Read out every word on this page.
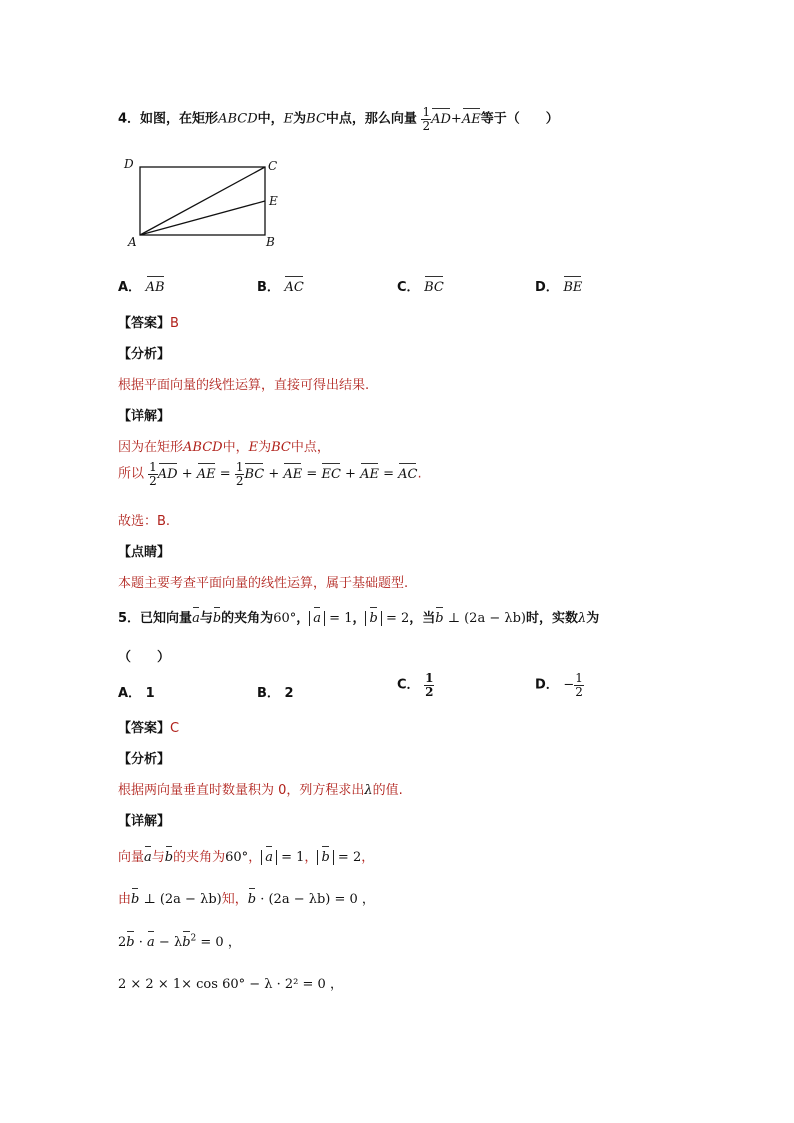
4．如图，在矩形ABCD中，E为BC中点，那么向量 $\frac{1}{2} AD+AE$等于（　　）
D	C
E
A	B
A． AB	B． AC	C． BC	D． BE
【答案】B
【分析】
根据平面向量的线性运算，直接可得出结果.
【详解】
因为在矩形ABCD中，E为BC中点，
所以 $\frac{1}{2}$ AD + AE = $\frac{1}{2}$ BC + AE = EC + AE = AC.
故选：B.
【点睛】
本题主要考查平面向量的线性运算，属于基础题型.
5．已知向量a与b的夹角为60°， a = 1， b = 2，当b ⊥ (2a − λb)时，实数λ为
（　　）
A． 1	B． 2
C． $\frac{1}{2}$	D． − $\frac{1}{2}$
【答案】C
【分析】
根据两向量垂直时数量积为 0，列方程求出λ的值.
【详解】
向量a与b的夹角为60°， a = 1， b = 2，
由b ⊥ (2a − λb)知，b · (2a − λb) = 0 ，
$2b \cdot a - \lambda b^2 = 0$ ，
2 × 2 × 1× cos 60° − λ · 2² = 0 ，
